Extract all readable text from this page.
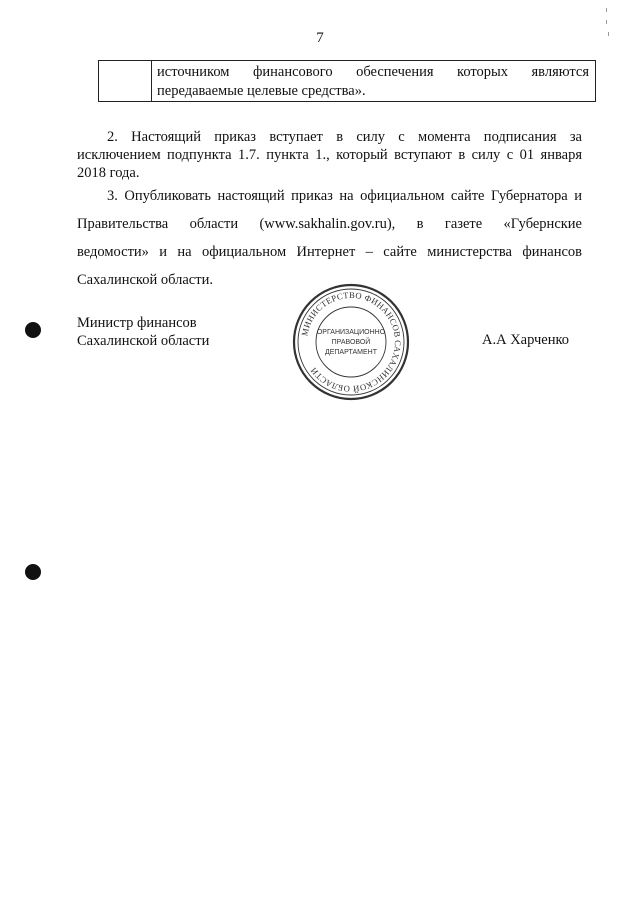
7
источником финансового обеспечения которых являются
передаваемые целевые средства».
2. Настоящий приказ вступает в силу с момента подписания за
исключением подпункта 1.7. пункта 1., который вступают в силу с 01 января
2018 года.
3. Опубликовать настоящий приказ на официальном сайте Губернатора и
Правительства области (www.sakhalin.gov.ru), в газете «Губернские
ведомости» и на официальном Интернет – сайте министерства финансов
Сахалинской области.
Министр финансов
Сахалинской области	А.А Харченко
МИНИСТЕРСТВО ФИНАНСОВ САХАЛИНСКОЙ ОБЛАСТИ
ОРГАНИЗАЦИОННО
ПРАВОВОЙ
ДЕПАРТАМЕНТ
